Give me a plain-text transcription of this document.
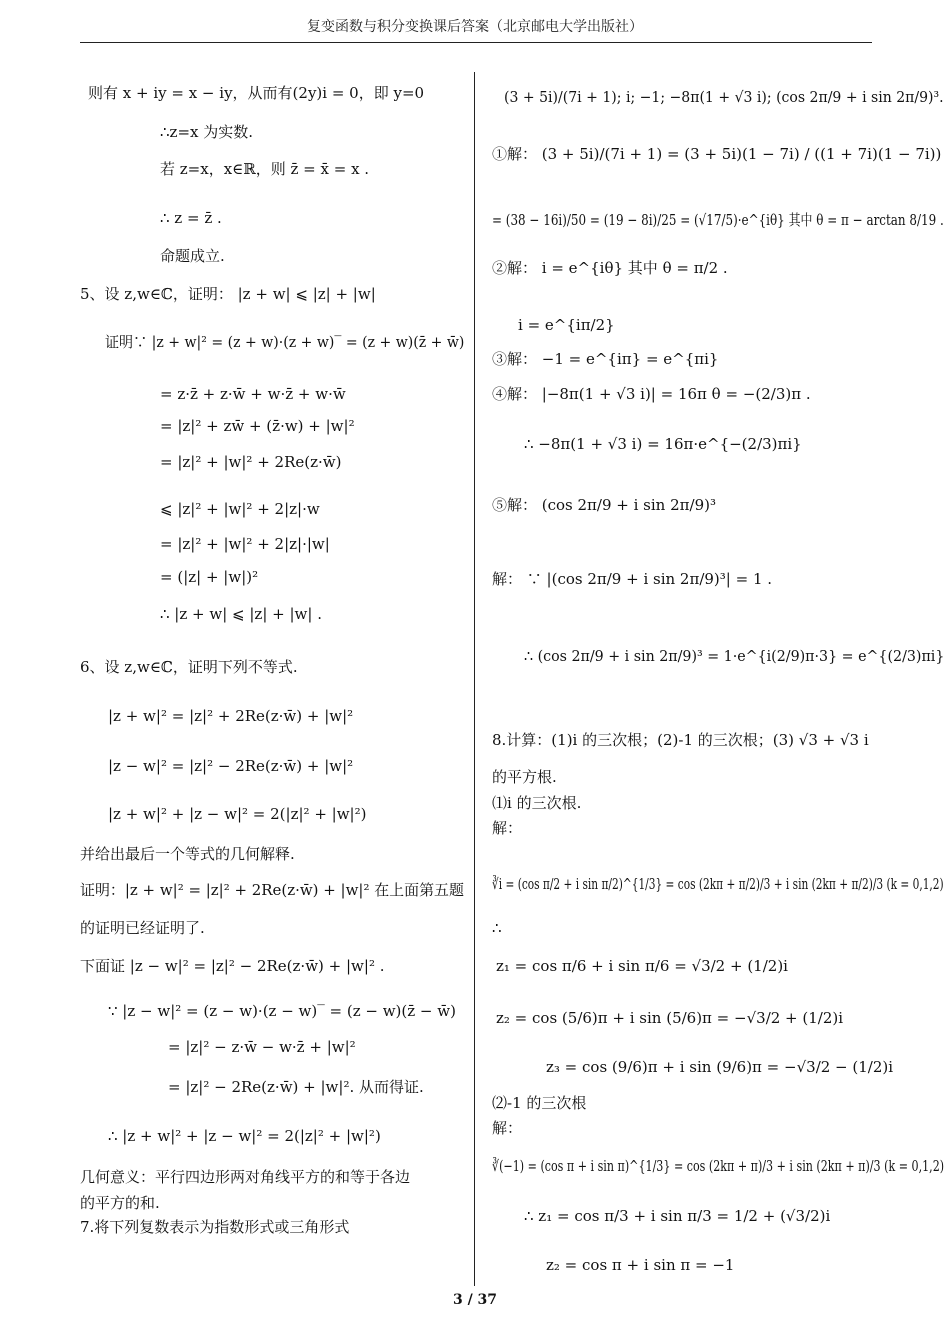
复变函数与积分变换课后答案（北京邮电大学出版社）
则有 x + iy = x − iy，从而有(2y)i = 0，即 y=0
∴z=x 为实数.
若 z=x，x∈ℝ，则 z̄ = x̄ = x .
∴ z = z̄ .
命题成立.
5、设 z,w∈ℂ，证明： |z + w| ⩽ |z| + |w|
证明∵ |z + w|² = (z + w)·(z + w)‾ = (z + w)(z̄ + w̄)
= z·z̄ + z·w̄ + w·z̄ + w·w̄
= |z|² + zw̄ + (z̄·w) + |w|²
= |z|² + |w|² + 2Re(z·w̄)
⩽ |z|² + |w|² + 2|z|·w
= |z|² + |w|² + 2|z|·|w|
= (|z| + |w|)²
∴ |z + w| ⩽ |z| + |w| .
6、设 z,w∈ℂ，证明下列不等式.
|z + w|² = |z|² + 2Re(z·w̄) + |w|²
|z − w|² = |z|² − 2Re(z·w̄) + |w|²
|z + w|² + |z − w|² = 2(|z|² + |w|²)
并给出最后一个等式的几何解释.
证明：|z + w|² = |z|² + 2Re(z·w̄) + |w|² 在上面第五题
的证明已经证明了.
下面证 |z − w|² = |z|² − 2Re(z·w̄) + |w|² .
∵ |z − w|² = (z − w)·(z − w)‾ = (z − w)(z̄ − w̄)
= |z|² − z·w̄ − w·z̄ + |w|²
= |z|² − 2Re(z·w̄) + |w|². 从而得证.
∴ |z + w|² + |z − w|² = 2(|z|² + |w|²)
几何意义：平行四边形两对角线平方的和等于各边
的平方的和.
7.将下列复数表示为指数形式或三角形式
(3 + 5i)/(7i + 1); i; −1; −8π(1 + √3 i); (cos 2π/9 + i sin 2π/9)³.
①解： (3 + 5i)/(7i + 1) = (3 + 5i)(1 − 7i) / ((1 + 7i)(1 − 7i))
= (38 − 16i)/50 = (19 − 8i)/25 = (√17/5)·e^{iθ} 其中 θ = π − arctan 8/19 .
②解： i = e^{iθ} 其中 θ = π/2 .
i = e^{iπ/2}
③解： −1 = e^{iπ} = e^{πi}
④解： |−8π(1 + √3 i)| = 16π θ = −(2/3)π .
∴ −8π(1 + √3 i) = 16π·e^{−(2/3)πi}
⑤解： (cos 2π/9 + i sin 2π/9)³
解： ∵ |(cos 2π/9 + i sin 2π/9)³| = 1 .
∴ (cos 2π/9 + i sin 2π/9)³ = 1·e^{i(2/9)π·3} = e^{(2/3)πi}
8.计算：(1)i 的三次根；(2)-1 的三次根；(3) √3 + √3 i
的平方根.
⑴i 的三次根.
解：
∛i = (cos π/2 + i sin π/2)^{1/3} = cos (2kπ + π/2)/3 + i sin (2kπ + π/2)/3 (k = 0,1,2)
∴
z₁ = cos π/6 + i sin π/6 = √3/2 + (1/2)i
z₂ = cos (5/6)π + i sin (5/6)π = −√3/2 + (1/2)i
z₃ = cos (9/6)π + i sin (9/6)π = −√3/2 − (1/2)i
⑵-1 的三次根
解：
∛(−1) = (cos π + i sin π)^{1/3} = cos (2kπ + π)/3 + i sin (2kπ + π)/3 (k = 0,1,2)
∴ z₁ = cos π/3 + i sin π/3 = 1/2 + (√3/2)i
z₂ = cos π + i sin π = −1
3 / 37
